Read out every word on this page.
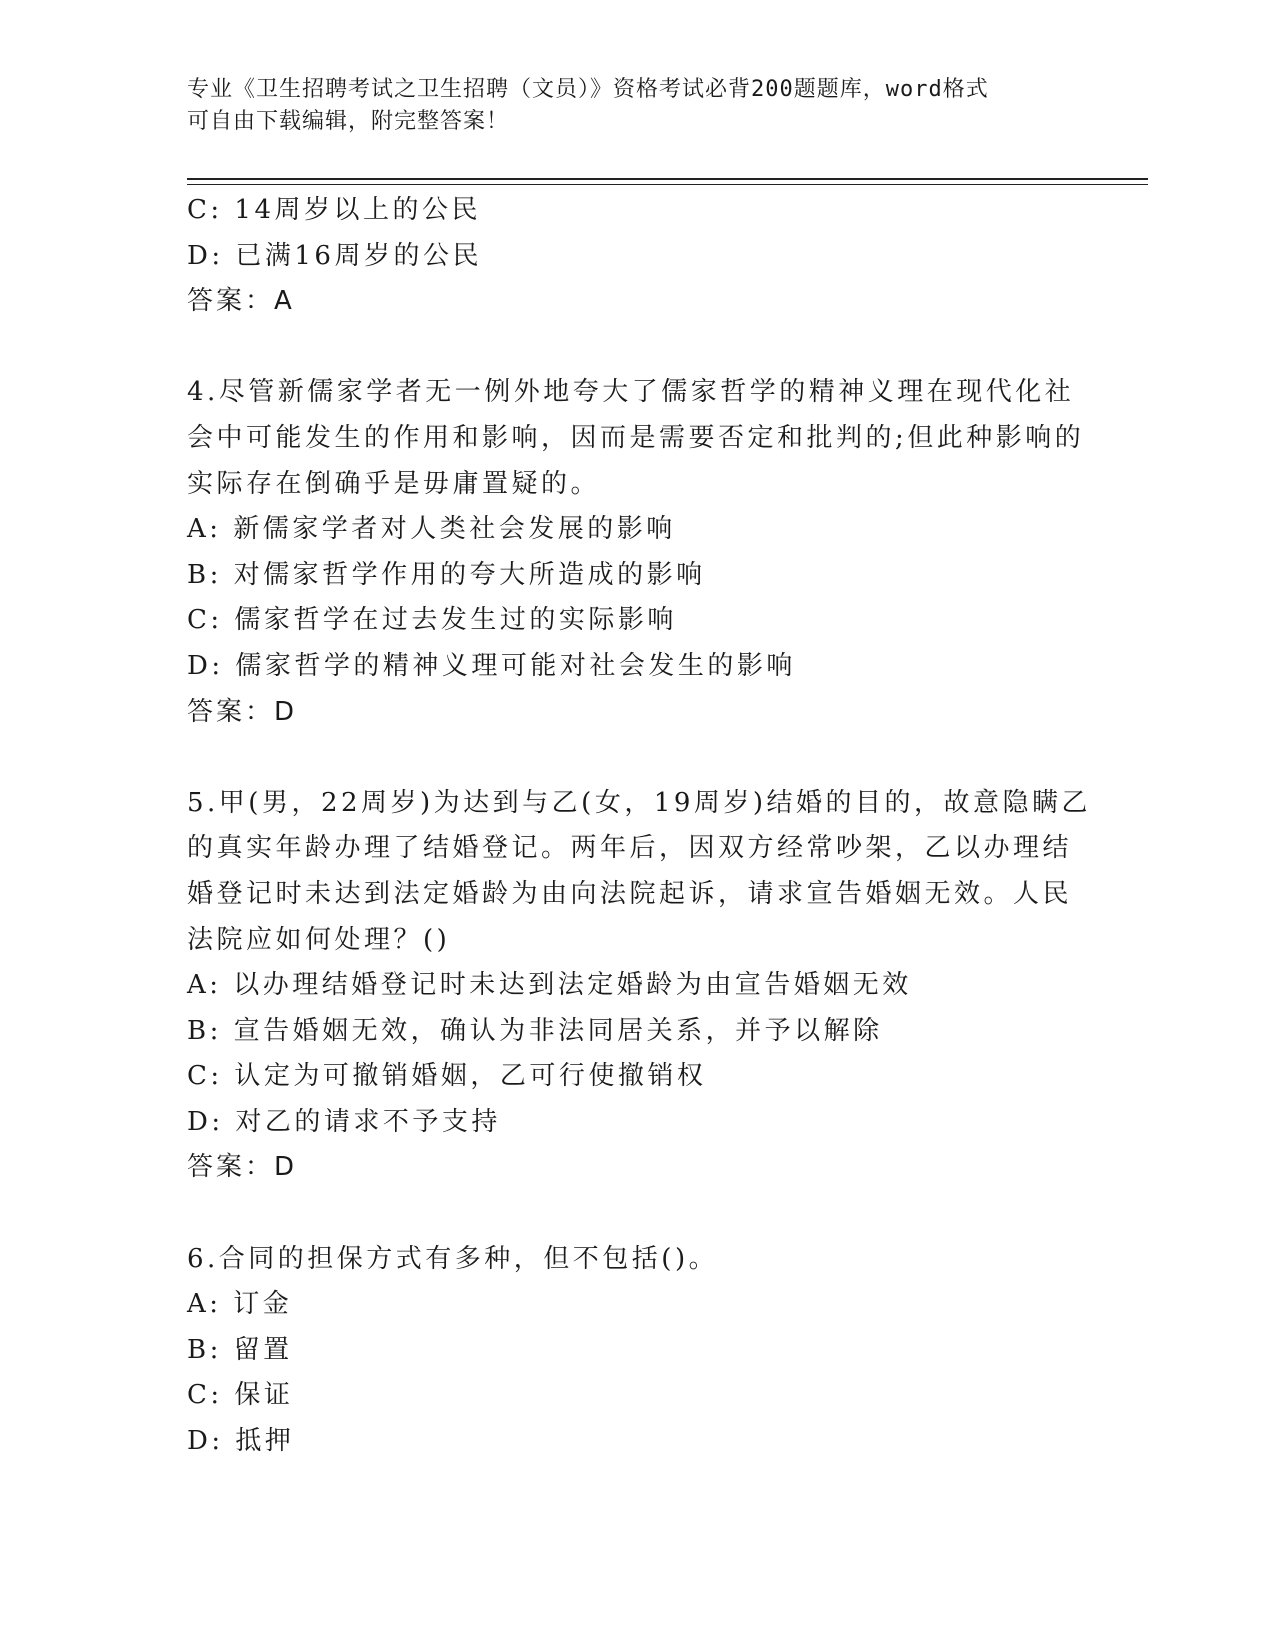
专业《卫生招聘考试之卫生招聘（文员）》资格考试必背200题题库，word格式

可自由下载编辑，附完整答案！

C: 14周岁以上的公民
D: 已满16周岁的公民
答案：A
4.尽管新儒家学者无一例外地夸大了儒家哲学的精神义理在现代化社
会中可能发生的作用和影响，因而是需要否定和批判的;但此种影响的
实际存在倒确乎是毋庸置疑的。
A: 新儒家学者对人类社会发展的影响
B: 对儒家哲学作用的夸大所造成的影响
C: 儒家哲学在过去发生过的实际影响
D: 儒家哲学的精神义理可能对社会发生的影响
答案：D
5.甲(男，22周岁)为达到与乙(女，19周岁)结婚的目的，故意隐瞒乙
的真实年龄办理了结婚登记。两年后，因双方经常吵架，乙以办理结
婚登记时未达到法定婚龄为由向法院起诉，请求宣告婚姻无效。人民
法院应如何处理？()
A: 以办理结婚登记时未达到法定婚龄为由宣告婚姻无效
B: 宣告婚姻无效，确认为非法同居关系，并予以解除
C: 认定为可撤销婚姻，乙可行使撤销权
D: 对乙的请求不予支持
答案：D
6.合同的担保方式有多种，但不包括()。
A: 订金
B: 留置
C: 保证
D: 抵押
